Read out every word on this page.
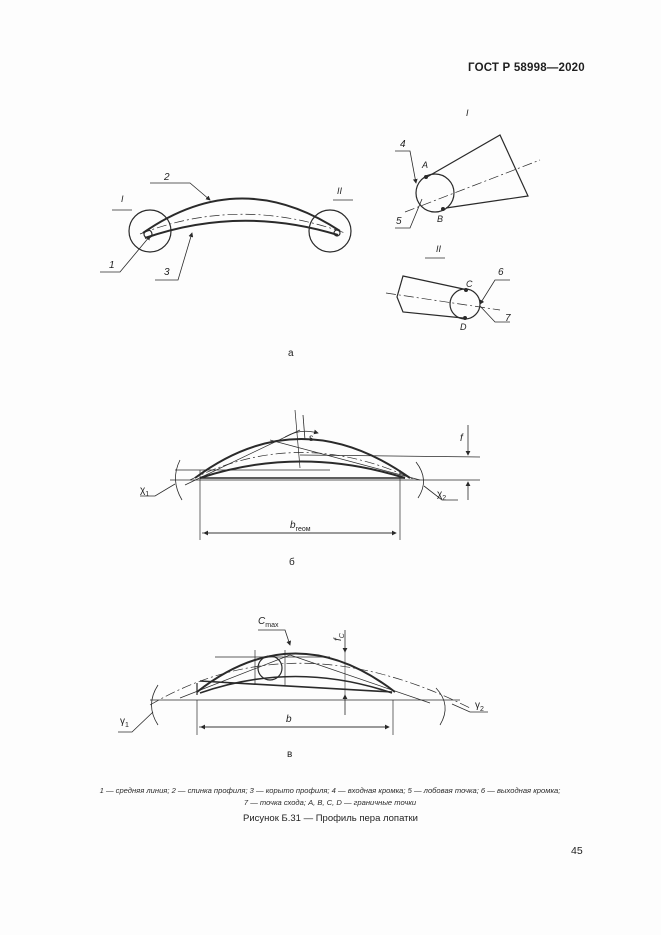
ГОСТ Р 58998—2020
1
2
3
I
II
I
4
5
A
B
II
6
7
C
D
а
ε	f
$\chi_1$	$\chi_2$
$b_{геом}$
б
$C_{max}$
$f_C$
$\gamma_1$
$\gamma_2$
b
в
1 — средняя линия; 2 — спинка профиля; 3 — корыто профиля; 4 — входная кромка; 5 — лобовая точка; 6 — выходная кромка;
7 — точка схода; A, B, C, D — граничные точки
Рисунок Б.31 — Профиль пера лопатки
45
